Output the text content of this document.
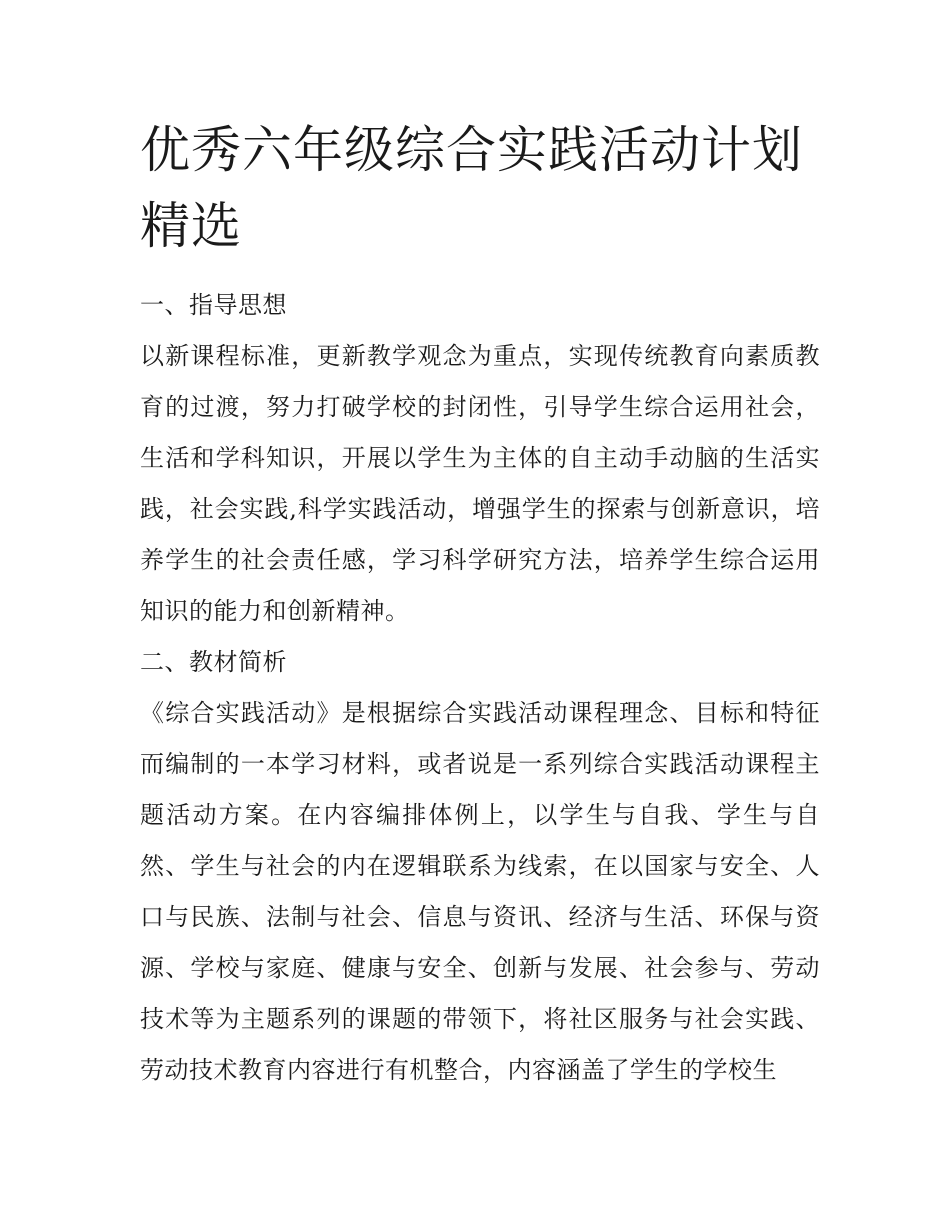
优秀六年级综合实践活动计划精选

一、指导思想

以新课程标准，更新教学观念为重点，实现传统教育向素质教育的过渡，努力打破学校的封闭性，引导学生综合运用社会，生活和学科知识，开展以学生为主体的自主动手动脑的生活实践，社会实践,科学实践活动，增强学生的探索与创新意识，培养学生的社会责任感，学习科学研究方法，培养学生综合运用知识的能力和创新精神。

二、教材简析

《综合实践活动》是根据综合实践活动课程理念、目标和特征而编制的一本学习材料，或者说是一系列综合实践活动课程主题活动方案。在内容编排体例上，以学生与自我、学生与自然、学生与社会的内在逻辑联系为线索，在以国家与安全、人口与民族、法制与社会、信息与资讯、经济与生活、环保与资源、学校与家庭、健康与安全、创新与发展、社会参与、劳动技术等为主题系列的课题的带领下，将社区服务与社会实践、劳动技术教育内容进行有机整合，内容涵盖了学生的学校生
